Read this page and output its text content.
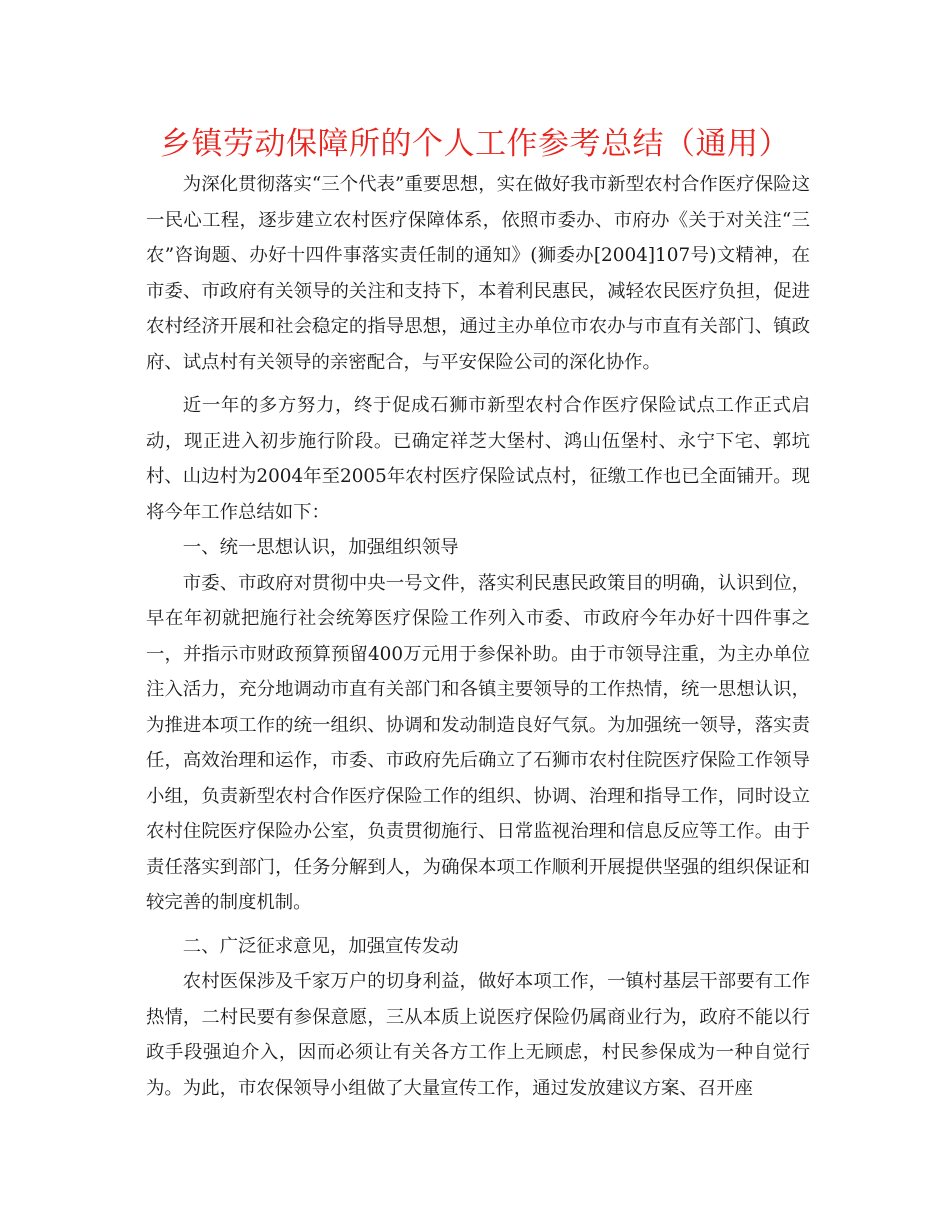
乡镇劳动保障所的个人工作参考总结（通用）

为深化贯彻落实“三个代表”重要思想，实在做好我市新型农村合作医疗保险这一民心工程，逐步建立农村医疗保障体系，依照市委办、市府办《关于对关注“三农”咨询题、办好十四件事落实责任制的通知》(狮委办[2004]107号)文精神，在市委、市政府有关领导的关注和支持下，本着利民惠民，减轻农民医疗负担，促进农村经济开展和社会稳定的指导思想，通过主办单位市农办与市直有关部门、镇政府、试点村有关领导的亲密配合，与平安保险公司的深化协作。

近一年的多方努力，终于促成石狮市新型农村合作医疗保险试点工作正式启动，现正进入初步施行阶段。已确定祥芝大堡村、鸿山伍堡村、永宁下宅、郭坑村、山边村为2004年至2005年农村医疗保险试点村，征缴工作也已全面铺开。现将今年工作总结如下：

一、统一思想认识，加强组织领导

市委、市政府对贯彻中央一号文件，落实利民惠民政策目的明确，认识到位，早在年初就把施行社会统筹医疗保险工作列入市委、市政府今年办好十四件事之一，并指示市财政预算预留400万元用于参保补助。由于市领导注重，为主办单位注入活力，充分地调动市直有关部门和各镇主要领导的工作热情，统一思想认识，为推进本项工作的统一组织、协调和发动制造良好气氛。为加强统一领导，落实责任，高效治理和运作，市委、市政府先后确立了石狮市农村住院医疗保险工作领导小组，负责新型农村合作医疗保险工作的组织、协调、治理和指导工作，同时设立农村住院医疗保险办公室，负责贯彻施行、日常监视治理和信息反应等工作。由于责任落实到部门，任务分解到人，为确保本项工作顺利开展提供坚强的组织保证和较完善的制度机制。

二、广泛征求意见，加强宣传发动

农村医保涉及千家万户的切身利益，做好本项工作，一镇村基层干部要有工作热情，二村民要有参保意愿，三从本质上说医疗保险仍属商业行为，政府不能以行政手段强迫介入，因而必须让有关各方工作上无顾虑，村民参保成为一种自觉行为。为此，市农保领导小组做了大量宣传工作，通过发放建议方案、召开座
